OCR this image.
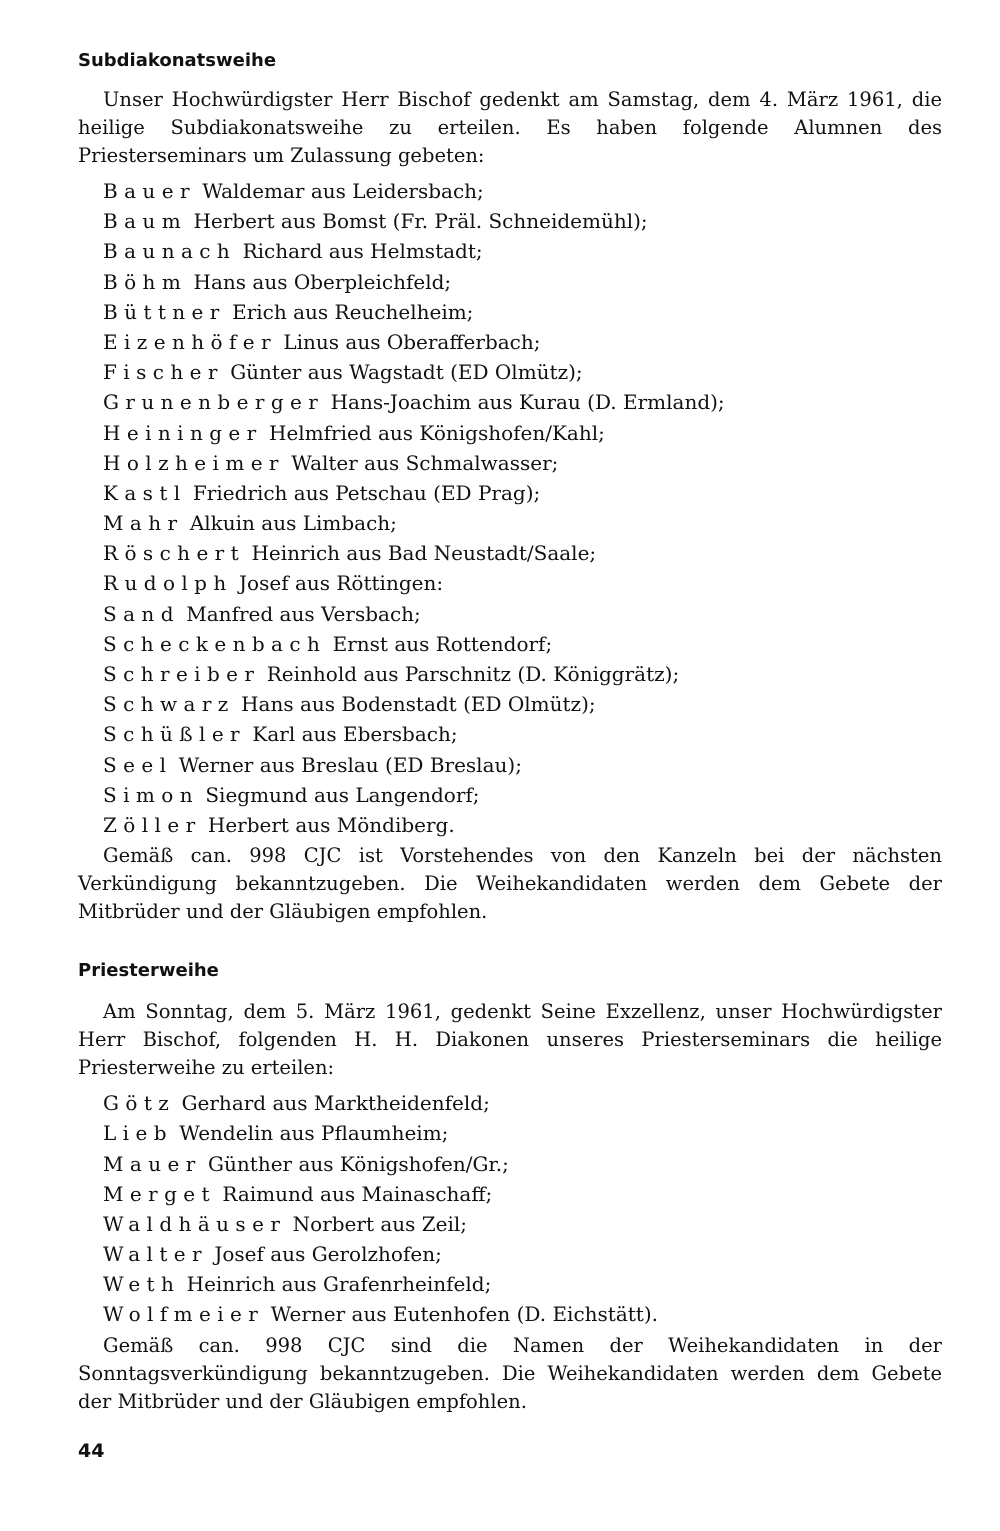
Subdiakonatsweihe

Unser Hochwürdigster Herr Bischof gedenkt am Samstag, dem 4. März 1961, die heilige Subdiakonatsweihe zu erteilen. Es haben folgende Alumnen des Priesterseminars um Zulassung gebeten:

Bauer Waldemar aus Leidersbach;
Baum Herbert aus Bomst (Fr. Präl. Schneidemühl);
Baunach Richard aus Helmstadt;
Böhm Hans aus Oberpleichfeld;
Büttner Erich aus Reuchelheim;
Eizenhöfer Linus aus Oberafferbach;
Fischer Günter aus Wagstadt (ED Olmütz);
Grunenberger Hans-Joachim aus Kurau (D. Ermland);
Heininger Helmfried aus Königshofen/Kahl;
Holzheimer Walter aus Schmalwasser;
Kastl Friedrich aus Petschau (ED Prag);
Mahr Alkuin aus Limbach;
Röschert Heinrich aus Bad Neustadt/Saale;
Rudolph Josef aus Röttingen:
Sand Manfred aus Versbach;
Scheckenbach Ernst aus Rottendorf;
Schreiber Reinhold aus Parschnitz (D. Königgrätz);
Schwarz Hans aus Bodenstadt (ED Olmütz);
Schüßler Karl aus Ebersbach;
Seel Werner aus Breslau (ED Breslau);
Simon Siegmund aus Langendorf;
Zöller Herbert aus Möndiberg.

Gemäß can. 998 CJC ist Vorstehendes von den Kanzeln bei der nächsten Verkündigung bekanntzugeben. Die Weihekandidaten werden dem Gebete der Mitbrüder und der Gläubigen empfohlen.

Priesterweihe

Am Sonntag, dem 5. März 1961, gedenkt Seine Exzellenz, unser Hochwürdigster Herr Bischof, folgenden H. H. Diakonen unseres Priesterseminars die heilige Priesterweihe zu erteilen:

Götz Gerhard aus Marktheidenfeld;
Lieb Wendelin aus Pflaumheim;
Mauer Günther aus Königshofen/Gr.;
Merget Raimund aus Mainaschaff;
Waldhäuser Norbert aus Zeil;
Walter Josef aus Gerolzhofen;
Weth Heinrich aus Grafenrheinfeld;
Wolfmeier Werner aus Eutenhofen (D. Eichstätt).

Gemäß can. 998 CJC sind die Namen der Weihekandidaten in der Sonntagsverkündigung bekanntzugeben. Die Weihekandidaten werden dem Gebete der Mitbrüder und der Gläubigen empfohlen.

44
